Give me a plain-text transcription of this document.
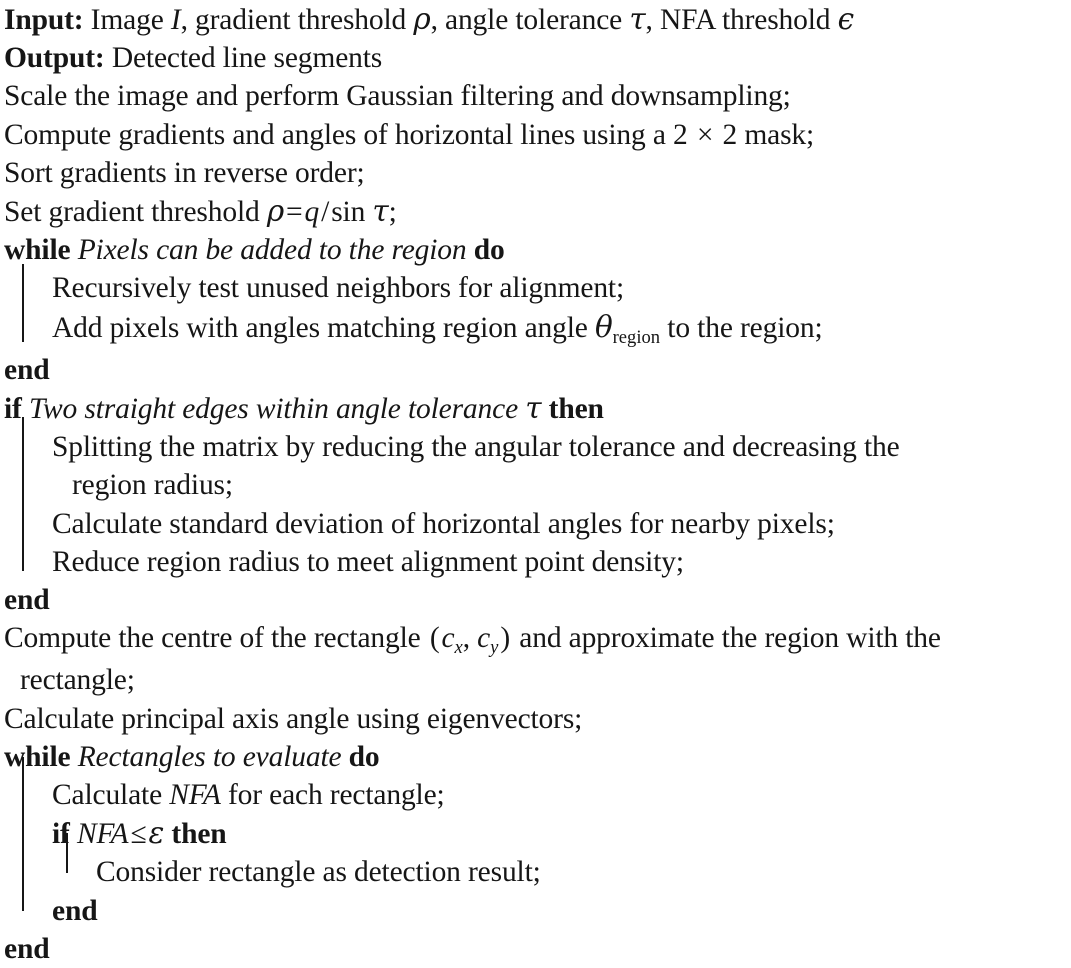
Input: Image I, gradient threshold ρ, angle tolerance τ, NFA threshold ϵ
Output: Detected line segments
Scale the image and perform Gaussian filtering and downsampling;
Compute gradients and angles of horizontal lines using a 2 × 2 mask;
Sort gradients in reverse order;
Set gradient threshold ρ=q/sin τ;
while Pixels can be added to the region do
Recursively test unused neighbors for alignment;
Add pixels with angles matching region angle $\theta_{region}$ to the region;
end
if Two straight edges within angle tolerance τ then
Splitting the matrix by reducing the angular tolerance and decreasing the
region radius;
Calculate standard deviation of horizontal angles for nearby pixels;
Reduce region radius to meet alignment point density;
end
Compute the centre of the rectangle ($c_x$, $c_y$) and approximate the region with the
rectangle;
Calculate principal axis angle using eigenvectors;
while Rectangles to evaluate do
Calculate NFA for each rectangle;
if NFA≤ε then
Consider rectangle as detection result;
end
end
